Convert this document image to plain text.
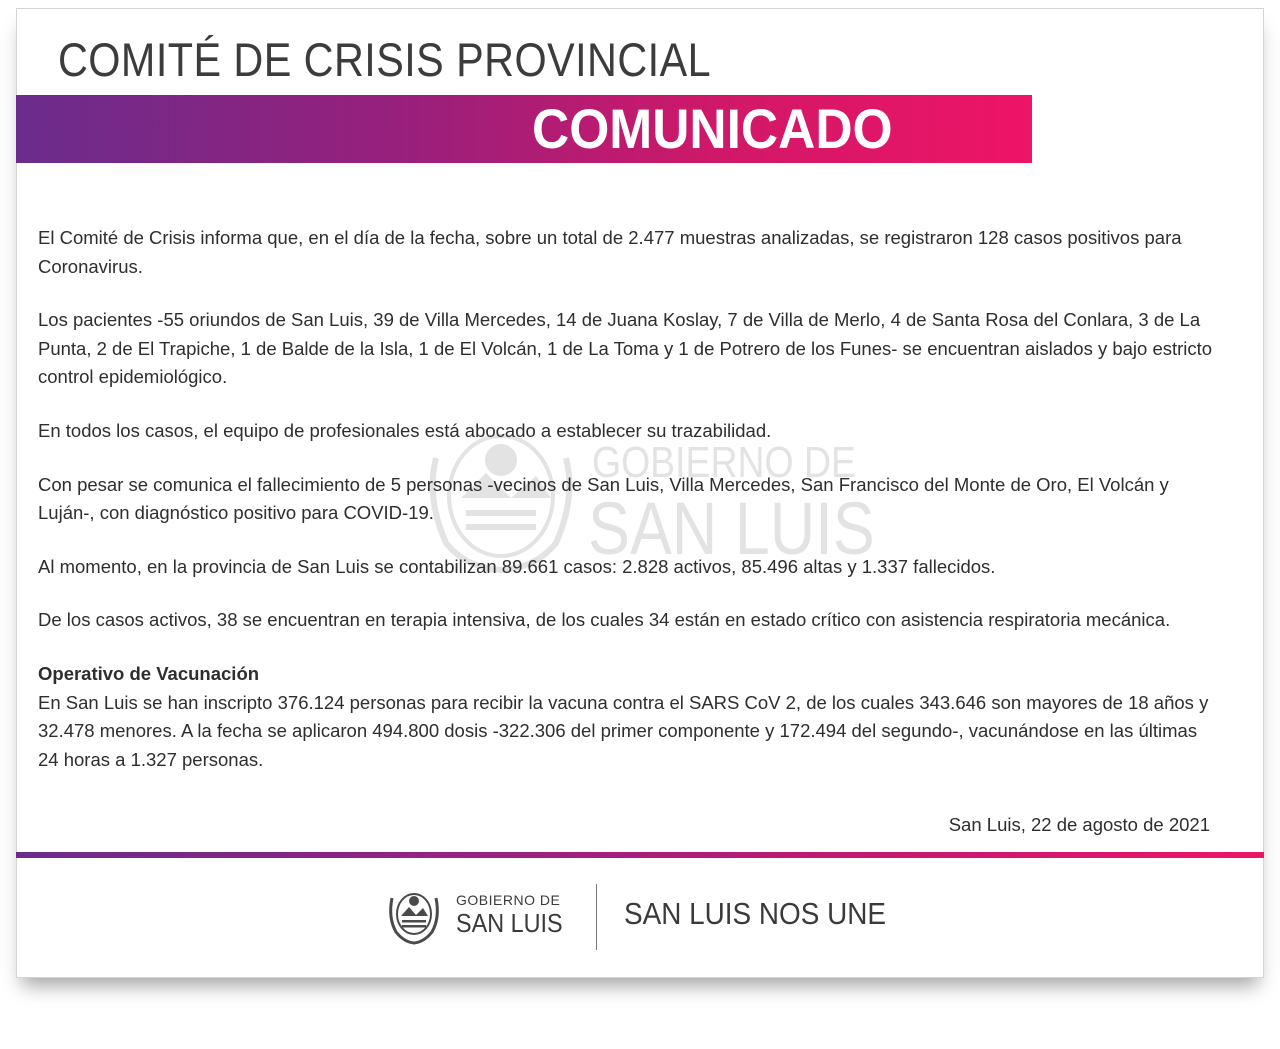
COMITÉ DE CRISIS PROVINCIAL
COMUNICADO

El Comité de Crisis informa que, en el día de la fecha, sobre un total de 2.477 muestras analizadas, se registraron 128 casos positivos para Coronavirus.

Los pacientes -55 oriundos de San Luis, 39 de Villa Mercedes, 14 de Juana Koslay, 7 de Villa de Merlo, 4 de Santa Rosa del Conlara, 3 de La Punta, 2 de El Trapiche, 1 de Balde de la Isla, 1 de El Volcán, 1 de La Toma y 1 de Potrero de los Funes- se encuentran aislados y bajo estricto control epidemiológico.

En todos los casos, el equipo de profesionales está abocado a establecer su trazabilidad.

Con pesar se comunica el fallecimiento de 5 personas -vecinos de San Luis, Villa Mercedes, San Francisco del Monte de Oro, El Volcán y Luján-, con diagnóstico positivo para COVID-19.

Al momento, en la provincia de San Luis se contabilizan 89.661 casos: 2.828 activos, 85.496 altas y 1.337 fallecidos.

De los casos activos, 38 se encuentran en terapia intensiva, de los cuales 34 están en estado crítico con asistencia respiratoria mecánica.

Operativo de Vacunación
En San Luis se han inscripto 376.124 personas para recibir la vacuna contra el SARS CoV 2, de los cuales 343.646 son mayores de 18 años y 32.478 menores. A la fecha se aplicaron 494.800 dosis -322.306 del primer componente y 172.494 del segundo-, vacunándose en las últimas 24 horas a 1.327 personas.
San Luis, 22 de agosto de 2021
GOBIERNO DE
SAN LUIS SAN LUIS NOS UNE
